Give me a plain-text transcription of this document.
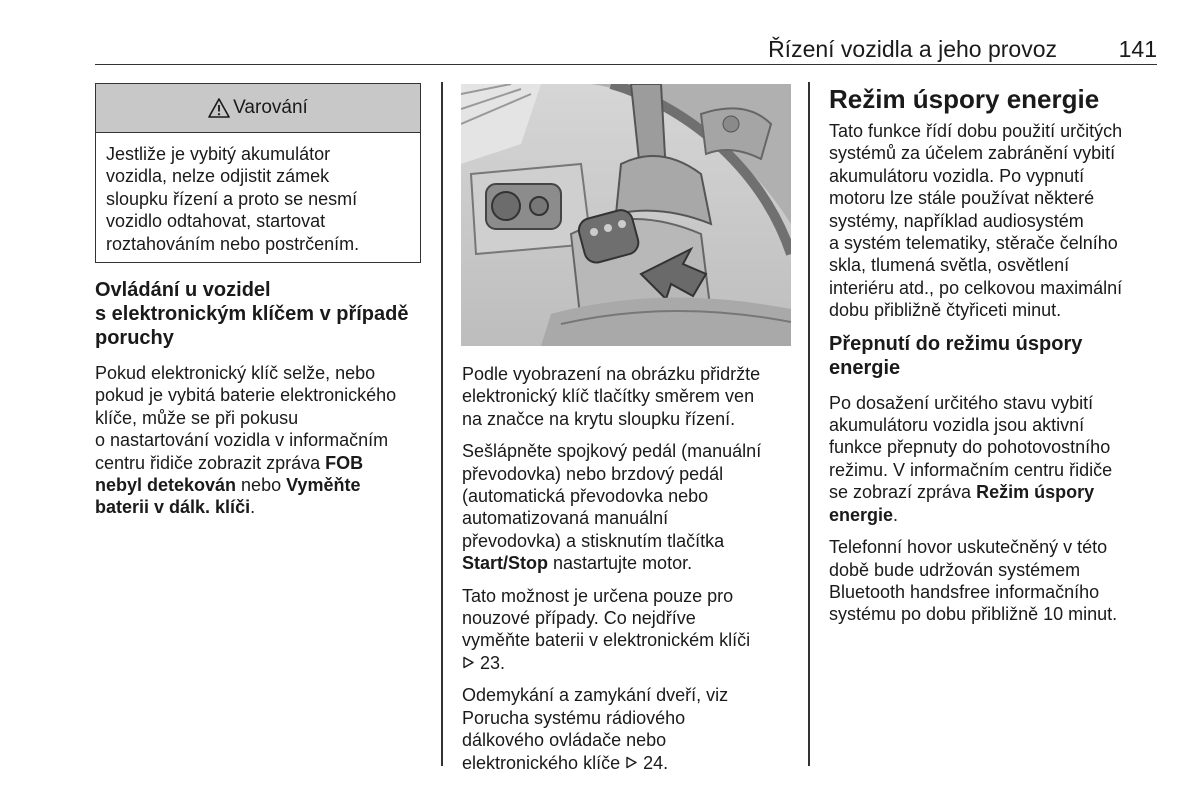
Řízení vozidla a jeho provoz	141
Varování
Jestliže je vybitý akumulátor
vozidla, nelze odjistit zámek
sloupku řízení a proto se nesmí
vozidlo odtahovat, startovat
roztahováním nebo postrčením.
Ovládání u vozidel
s elektronickým klíčem v případě
poruchy

Pokud elektronický klíč selže, nebo
pokud je vybitá baterie elektronického
klíče, může se při pokusu
o nastartování vozidla v informačním
centru řidiče zobrazit zpráva FOB
nebyl detekován nebo Vyměňte
baterii v dálk. klíči.

Podle vyobrazení na obrázku přidržte
elektronický klíč tlačítky směrem ven
na značce na krytu sloupku řízení.

Sešlápněte spojkový pedál (manuální
převodovka) nebo brzdový pedál
(automatická převodovka nebo
automatizovaná manuální
převodovka) a stisknutím tlačítka
Start/Stop nastartujte motor.

Tato možnost je určena pouze pro
nouzové případy. Co nejdříve
vyměňte baterii v elektronickém klíči
23.

Odemykání a zamykání dveří, viz
Porucha systému rádiového
dálkového ovládače nebo
elektronického klíče  24.

Režim úspory energie

Tato funkce řídí dobu použití určitých
systémů za účelem zabránění vybití
akumulátoru vozidla. Po vypnutí
motoru lze stále používat některé
systémy, například audiosystém
a systém telematiky, stěrače čelního
skla, tlumená světla, osvětlení
interiéru atd., po celkovou maximální
dobu přibližně čtyřiceti minut.

Přepnutí do režimu úspory
energie

Po dosažení určitého stavu vybití
akumulátoru vozidla jsou aktivní
funkce přepnuty do pohotovostního
režimu. V informačním centru řidiče
se zobrazí zpráva Režim úspory
energie.

Telefonní hovor uskutečněný v této
době bude udržován systémem
Bluetooth handsfree informačního
systému po dobu přibližně 10 minut.
